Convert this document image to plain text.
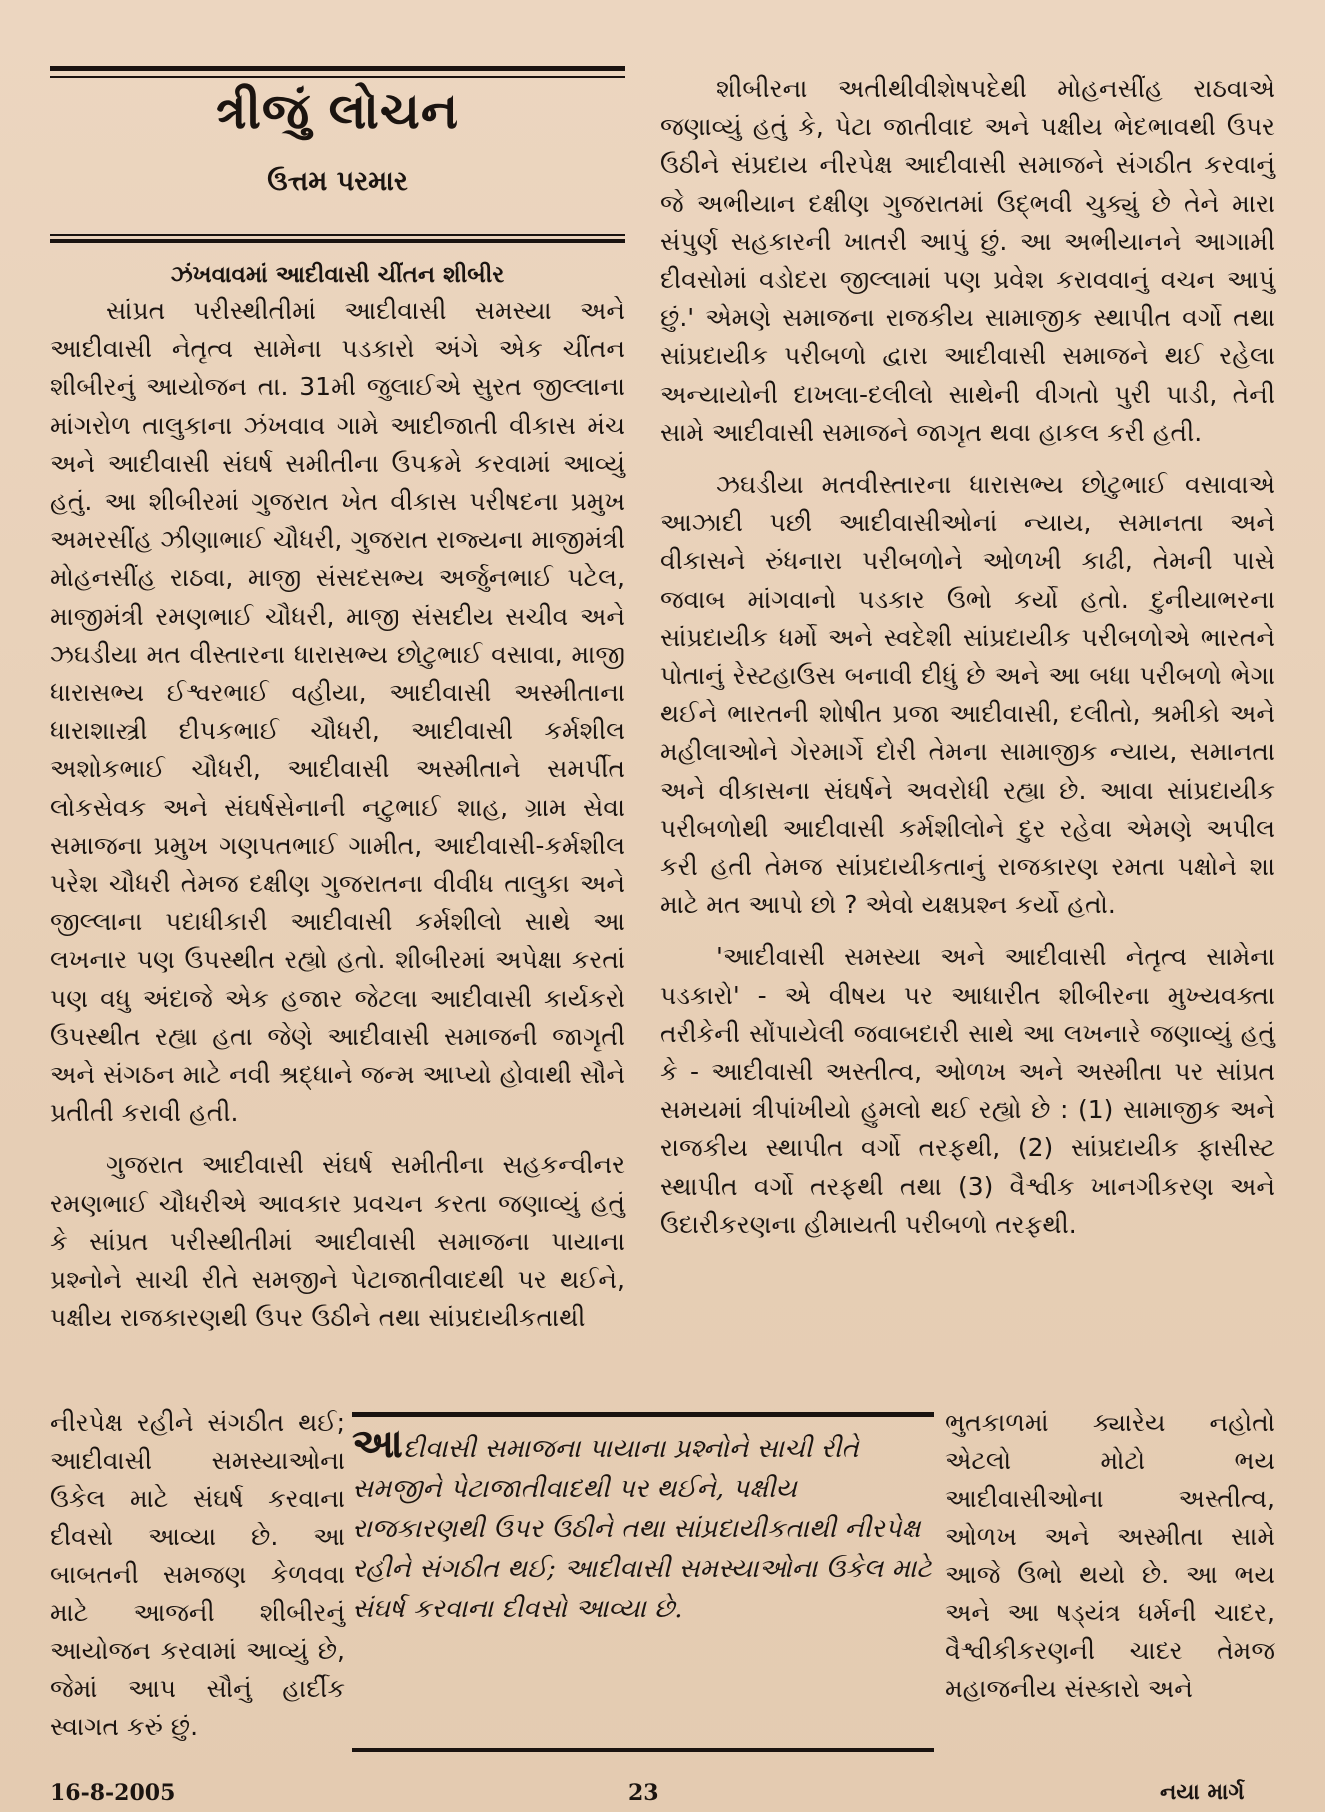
ત્રીજું લોચન
ઉત્તમ પરમાર
ઝંખવાવમાં આદીવાસી ચીંતન શીબીર

સાંપ્રત પરીસ્થીતીમાં આદીવાસી સમસ્યા અને આદીવાસી નેતૃત્વ સામેના પડકારો અંગે એક ચીંતન શીબીરનું આયોજન તા. 31મી જુલાઈએ સુરત જીલ્લાના માંગરોળ તાલુકાના ઝંખવાવ ગામે આદીજાતી વીકાસ મંચ અને આદીવાસી સંઘર્ષ સમીતીના ઉપક્રમે કરવામાં આવ્યું હતું. આ શીબીરમાં ગુજરાત ખેત વીકાસ પરીષદના પ્રમુખ અમરસીંહ ઝીણાભાઈ ચૌધરી, ગુજરાત રાજ્યના માજીમંત્રી મોહનસીંહ રાઠવા, માજી સંસદસભ્ય અર્જુનભાઈ પટેલ, માજીમંત્રી રમણભાઈ ચૌધરી, માજી સંસદીય સચીવ અને ઝઘડીયા મત વીસ્તારના ધારાસભ્ય છોટુભાઈ વસાવા, માજી ધારાસભ્ય ઈશ્વરભાઈ વહીયા, આદીવાસી અસ્મીતાના ધારાશાસ્ત્રી દીપકભાઈ ચૌધરી, આદીવાસી કર્મશીલ અશોકભાઈ ચૌધરી, આદીવાસી અસ્મીતાને સમર્પીત લોકસેવક અને સંઘર્ષસેનાની નટુભાઈ શાહ, ગ્રામ સેવા સમાજના પ્રમુખ ગણપતભાઈ ગામીત, આદીવાસી-કર્મશીલ પરેશ ચૌધરી તેમજ દક્ષીણ ગુજરાતના વીવીધ તાલુકા અને જીલ્લાના પદાધીકારી આદીવાસી કર્મશીલો સાથે આ લખનાર પણ ઉપસ્થીત રહ્યો હતો. શીબીરમાં અપેક્ષા કરતાં પણ વધુ અંદાજે એક હજાર જેટલા આદીવાસી કાર્યકરો ઉપસ્થીત રહ્યા હતા જેણે આદીવાસી સમાજની જાગૃતી અને સંગઠન માટે નવી શ્રદ્ધાને જન્મ આપ્યો હોવાથી સૌને પ્રતીતી કરાવી હતી.

ગુજરાત આદીવાસી સંઘર્ષ સમીતીના સહકન્વીનર રમણભાઈ ચૌધરીએ આવકાર પ્રવચન કરતા જણાવ્યું હતું કે સાંપ્રત પરીસ્થીતીમાં આદીવાસી સમાજના પાયાના પ્રશ્નોને સાચી રીતે સમજીને પેટાજાતીવાદથી પર થઈને, પક્ષીય રાજકારણથી ઉપર ઉઠીને તથા સાંપ્રદાયીકતાથી

શીબીરના અતીથીવીશેષપદેથી મોહનસીંહ રાઠવાએ જણાવ્યું હતું કે, પેટા જાતીવાદ અને પક્ષીય ભેદભાવથી ઉપર ઉઠીને સંપ્રદાય નીરપેક્ષ આદીવાસી સમાજને સંગઠીત કરવાનું જે અભીયાન દક્ષીણ ગુજરાતમાં ઉદ્‌ભવી ચુક્યું છે તેને મારા સંપુર્ણ સહકારની ખાતરી આપું છું. આ અભીયાનને આગામી દીવસોમાં વડોદરા જીલ્લામાં પણ પ્રવેશ કરાવવાનું વચન આપું છું.' એમણે સમાજના રાજકીય સામાજીક સ્થાપીત વર્ગો તથા સાંપ્રદાયીક પરીબળો દ્વારા આદીવાસી સમાજને થઈ રહેલા અન્યાયોની દાખલા-દલીલો સાથેની વીગતો પુરી પાડી, તેની સામે આદીવાસી સમાજને જાગૃત થવા હાકલ કરી હતી.

ઝઘડીયા મતવીસ્તારના ધારાસભ્ય છોટુભાઈ વસાવાએ આઝાદી પછી આદીવાસીઓનાં ન્યાય, સમાનતા અને વીકાસને રુંધનારા પરીબળોને ઓળખી કાઢી, તેમની પાસે જવાબ માંગવાનો પડકાર ઉભો કર્યો હતો. દુનીયાભરના સાંપ્રદાયીક ધર્મો અને સ્વદેશી સાંપ્રદાયીક પરીબળોએ ભારતને પોતાનું રેસ્ટહાઉસ બનાવી દીધું છે અને આ બધા પરીબળો ભેગા થઈને ભારતની શોષીત પ્રજા આદીવાસી, દલીતો, શ્રમીકો અને મહીલાઓને ગેરમાર્ગે દોરી તેમના સામાજીક ન્યાય, સમાનતા અને વીકાસના સંઘર્ષને અવરોધી રહ્યા છે. આવા સાંપ્રદાયીક પરીબળોથી આદીવાસી કર્મશીલોને દુર રહેવા એમણે અપીલ કરી હતી તેમજ સાંપ્રદાયીકતાનું રાજકારણ રમતા પક્ષોને શા માટે મત આપો છો ? એવો યક્ષપ્રશ્ન કર્યો હતો.

'આદીવાસી સમસ્યા અને આદીવાસી નેતૃત્વ સામેના પડકારો' - એ વીષય પર આધારીત શીબીરના મુખ્યવક્તા તરીકેની સોંપાયેલી જવાબદારી સાથે આ લખનારે જણાવ્યું હતું કે - આદીવાસી અસ્તીત્વ, ઓળખ અને અસ્મીતા પર સાંપ્રત સમયમાં ત્રીપાંખીયો હુમલો થઈ રહ્યો છે : (1) સામાજીક અને રાજકીય સ્થાપીત વર્ગો તરફથી, (2) સાંપ્રદાયીક ફાસીસ્ટ સ્થાપીત વર્ગો તરફથી તથા (3) વૈશ્વીક ખાનગીકરણ અને ઉદારીકરણના હીમાયતી પરીબળો તરફથી.

નીરપેક્ષ રહીને સંગઠીત થઈ; આદીવાસી સમસ્યાઓના ઉકેલ માટે સંઘર્ષ કરવાના દીવસો આવ્યા છે. આ બાબતની સમજણ કેળવવા માટે આજની શીબીરનું આયોજન કરવામાં આવ્યું છે, જેમાં આપ સૌનું હાર્દીક સ્વાગત કરું છું.

ભુતકાળમાં ક્યારેય નહોતો એટલો મોટો ભય આદીવાસીઓના અસ્તીત્વ, ઓળખ અને અસ્મીતા સામે આજે ઉભો થયો છે. આ ભય અને આ ષડ્‌યંત્ર ધર્મની ચાદર, વૈશ્વીકીકરણની ચાદર તેમજ મહાજનીય સંસ્કારો અને

આદીવાસી સમાજના પાયાના પ્રશ્નોને સાચી રીતે સમજીને પેટાજાતીવાદથી પર થઈને, પક્ષીય રાજકારણથી ઉપર ઉઠીને તથા સાંપ્રદાયીકતાથી નીરપેક્ષ રહીને સંગઠીત થઈ; આદીવાસી સમસ્યાઓના ઉકેલ માટે સંઘર્ષ કરવાના દીવસો આવ્યા છે.
16-8-2005	23	નયા માર્ગ
